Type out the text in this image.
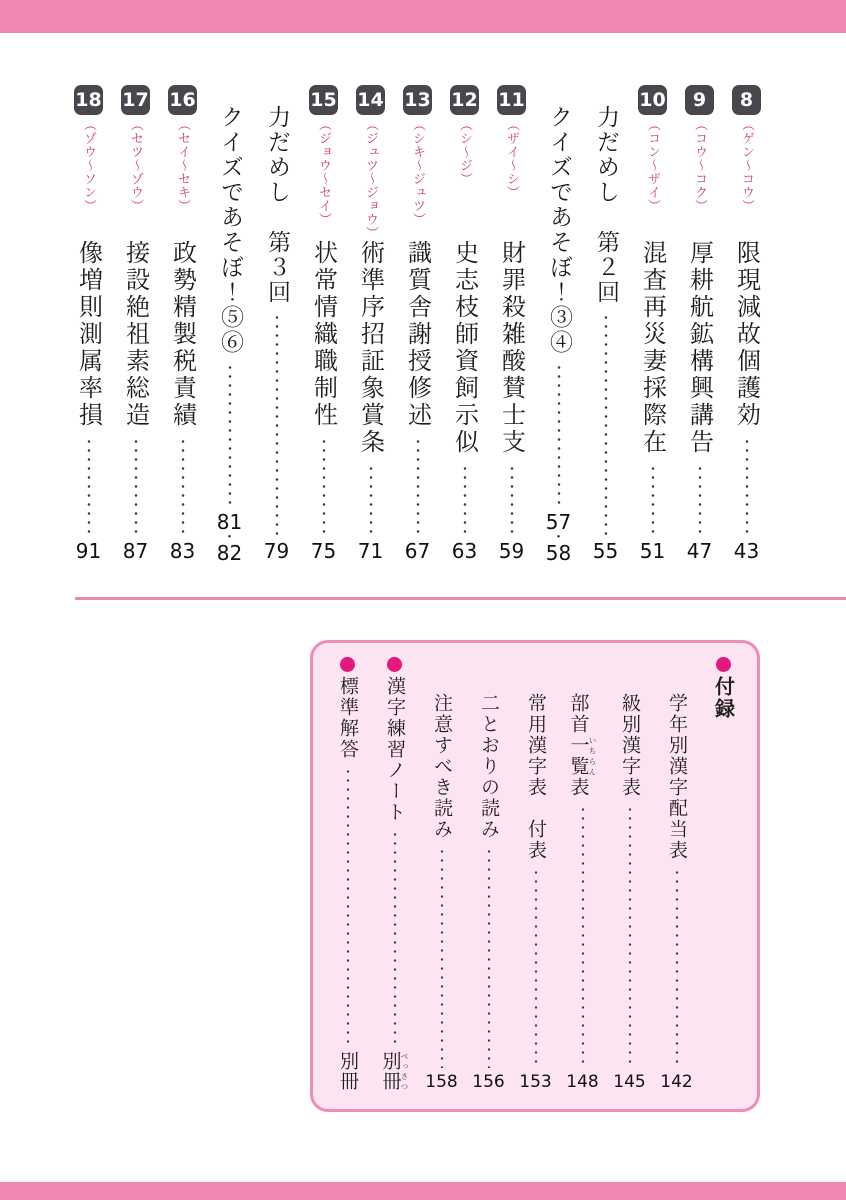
8
（ゲン〜コウ）
限現減故個護効
43
9
（コウ〜コク）
厚耕航鉱構興講告
47
10
（コン〜ザイ）
混査再災妻採際在
51
力だめし　第２回
55
クイズであそぼ！③④
57
・
58
11
（ザイ〜シ）
財罪殺雑酸賛士支
59
12
（シ〜ジ）
史志枝師資飼示似
63
13
（シキ〜ジュツ）
識質舎謝授修述
67
14
（ジュツ〜ジョウ）
術準序招証象賞条
71
15
（ジョウ〜セイ）
状常情織職制性
75
力だめし　第３回
79
クイズであそぼ！⑤⑥
81
・
82
16
（セイ〜セキ）
政勢精製税責績
83
17
（セツ〜ゾウ）
接設絶祖素総造
87
18
（ゾウ〜ソン）
像増則測属率損
91
付録
学年別漢字配当表
142
級別漢字表
145
部首一覧いちらん表
148
常用漢字表　付表
153
二とおりの読み
156
注意すべき読み
158
漢字練習ノート
別冊べっさつ
標準解答
別冊
